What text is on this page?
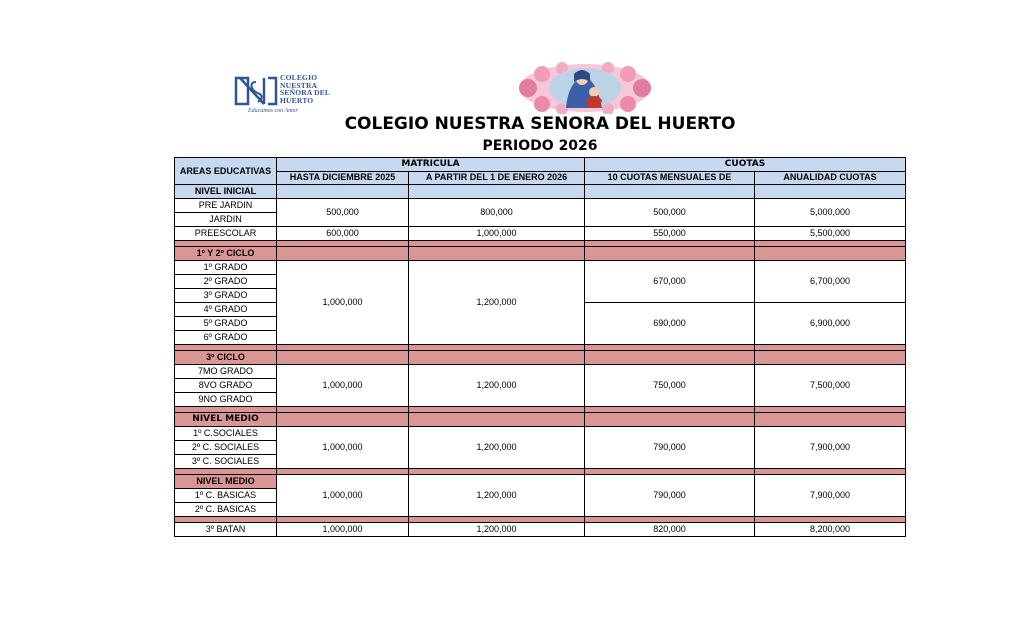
COLEGIO
NUESTRA
SEÑORA DEL
HUERTO
Educamos con Amor
COLEGIO NUESTRA SENORA DEL HUERTO
PERIODO 2026
AREAS EDUCATIVAS	MATRICULA		CUOTAS	
	HASTA DICIEMBRE 2025	A PARTIR DEL 1 DE ENERO 2026	10 CUOTAS MENSUALES DE	ANUALIDAD CUOTAS
NIVEL INICIAL				
PRE JARDIN	500,000	800,000	500,000	5,000,000
JARDIN				
PREESCOLAR	600,000	1,000,000	550,000	5,500,000

1º Y 2º CICLO				
1º GRADO	1,000,000	1,200,000	670,000	6,700,000
2º GRADO				
3º GRADO				
4º GRADO			690,000	6,900,000
5º GRADO				
6º GRADO				

3º CICLO				
7MO GRADO	1,000,000	1,200,000	750,000	7,500,000
8VO GRADO				
9NO GRADO				

NIVEL MEDIO				
1º C.SOCIALES	1,000,000	1,200,000	790,000	7,900,000
2º C. SOCIALES				
3º C. SOCIALES				

NIVEL MEDIO	1,000,000	1,200,000	790,000	7,900,000
1º C. BASICAS				
2º C. BASICAS				

3º BATAN	1,000,000	1,200,000	820,000	8,200,000
